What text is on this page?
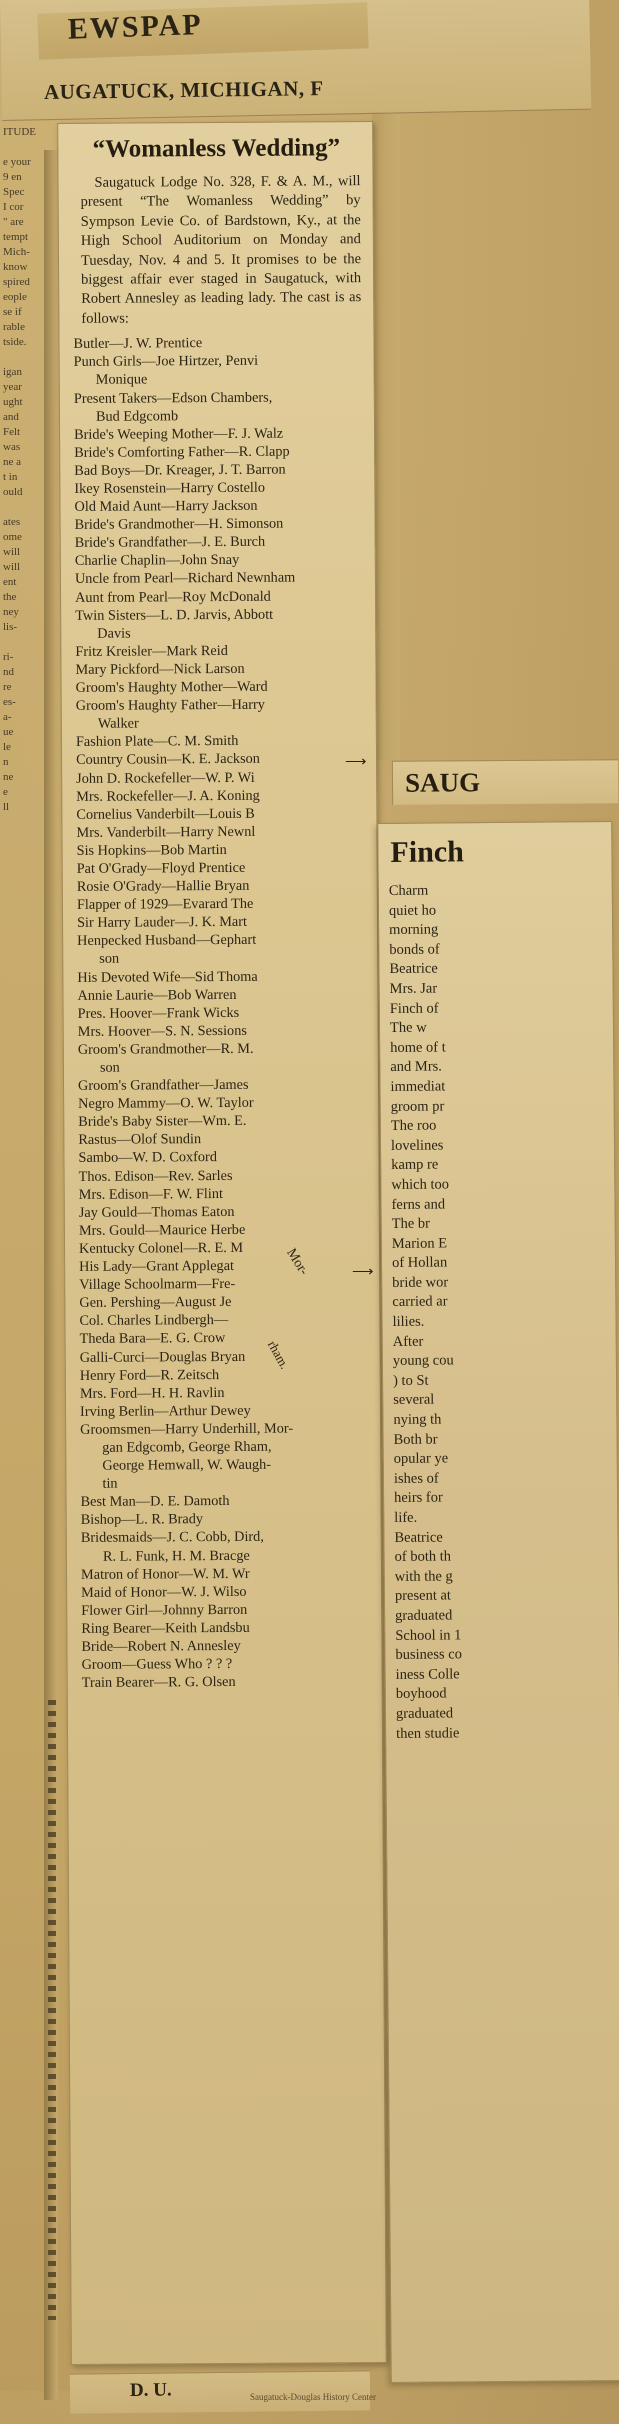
EWSPAP
AUGATUCK, MICHIGAN, F
ITUDE

e your
9 en
Spec
I cor
" are
tempt
Mich-
know
spired
eople
se if
rable
tside.

igan
year
ught
and
Felt
was
ne a
t in
ould

ates
ome
will
will
ent
the
ney
lis-

ri-
nd
re
es-
a-
ue
le
n
ne
e
ll
“Womanless Wedding”
Saugatuck Lodge No. 328, F. & A. M., will present “The Womanless Wedding” by Sympson Levie Co. of Bardstown, Ky., at the High School Auditorium on Monday and Tuesday, Nov. 4 and 5. It promises to be the biggest affair ever staged in Saugatuck, with Robert Annesley as leading lady. The cast is as follows:
Butler—J. W. Prentice
Punch Girls—Joe Hirtzer, Penvi
Monique
Present Takers—Edson Chambers,
Bud Edgcomb
Bride's Weeping Mother—F. J. Walz
Bride's Comforting Father—R. Clapp
Bad Boys—Dr. Kreager, J. T. Barron
Ikey Rosenstein—Harry Costello
Old Maid Aunt—Harry Jackson
Bride's Grandmother—H. Simonson
Bride's Grandfather—J. E. Burch
Charlie Chaplin—John Snay
Uncle from Pearl—Richard Newnham
Aunt from Pearl—Roy McDonald
Twin Sisters—L. D. Jarvis, Abbott
Davis
Fritz Kreisler—Mark Reid
Mary Pickford—Nick Larson
Groom's Haughty Mother—Ward
Groom's Haughty Father—Harry
Walker
Fashion Plate—C. M. Smith
Country Cousin—K. E. Jackson
John D. Rockefeller—W. P. Wi
Mrs. Rockefeller—J. A. Koning
Cornelius Vanderbilt—Louis B
Mrs. Vanderbilt—Harry Newnl
Sis Hopkins—Bob Martin
Pat O'Grady—Floyd Prentice
Rosie O'Grady—Hallie Bryan
Flapper of 1929—Evarard The
Sir Harry Lauder—J. K. Mart
Henpecked Husband—Gephart
son
His Devoted Wife—Sid Thoma
Annie Laurie—Bob Warren
Pres. Hoover—Frank Wicks
Mrs. Hoover—S. N. Sessions
Groom's Grandmother—R. M.
son
Groom's Grandfather—James
Negro Mammy—O. W. Taylor
Bride's Baby Sister—Wm. E.
Rastus—Olof Sundin
Sambo—W. D. Coxford
Thos. Edison—Rev. Sarles
Mrs. Edison—F. W. Flint
Jay Gould—Thomas Eaton
Mrs. Gould—Maurice Herbe
Kentucky Colonel—R. E. M
His Lady—Grant Applegat
Village Schoolmarm—Fre-
Gen. Pershing—August Je
Col. Charles Lindbergh—
Theda Bara—E. G. Crow
Galli-Curci—Douglas Bryan
Henry Ford—R. Zeitsch
Mrs. Ford—H. H. Ravlin
Irving Berlin—Arthur Dewey
Groomsmen—Harry Underhill, Mor-
gan Edgcomb, George Rham,
George Hemwall, W. Waugh-
tin
Best Man—D. E. Damoth
Bishop—L. R. Brady
Bridesmaids—J. C. Cobb, Dird,
R. L. Funk, H. M. Bracge
Matron of Honor—W. M. Wr
Maid of Honor—W. J. Wilso
Flower Girl—Johnny Barron
Ring Bearer—Keith Landsbu
Bride—Robert N. Annesley
Groom—Guess Who ? ? ?
Train Bearer—R. G. Olsen
SAUG
Finch
Charm
quiet ho
morning
bonds of
Beatrice
Mrs. Jar
Finch of
The w
home of t
and Mrs.
immediat
groom pr
The roo
lovelines
kamp re
which too
ferns and
The br
Marion E
of Hollan
bride wor
carried ar
lilies.
After
young cou
) to St
several
nying th
Both br
opular ye
ishes of
heirs for
life.
Beatrice
of both th
with the g
present at
graduated
School in 1
business co
iness Colle
boyhood
graduated
then studie
Mor-
rham.
⟶
⟶
D. U.	Saugatuck-Douglas History Center
